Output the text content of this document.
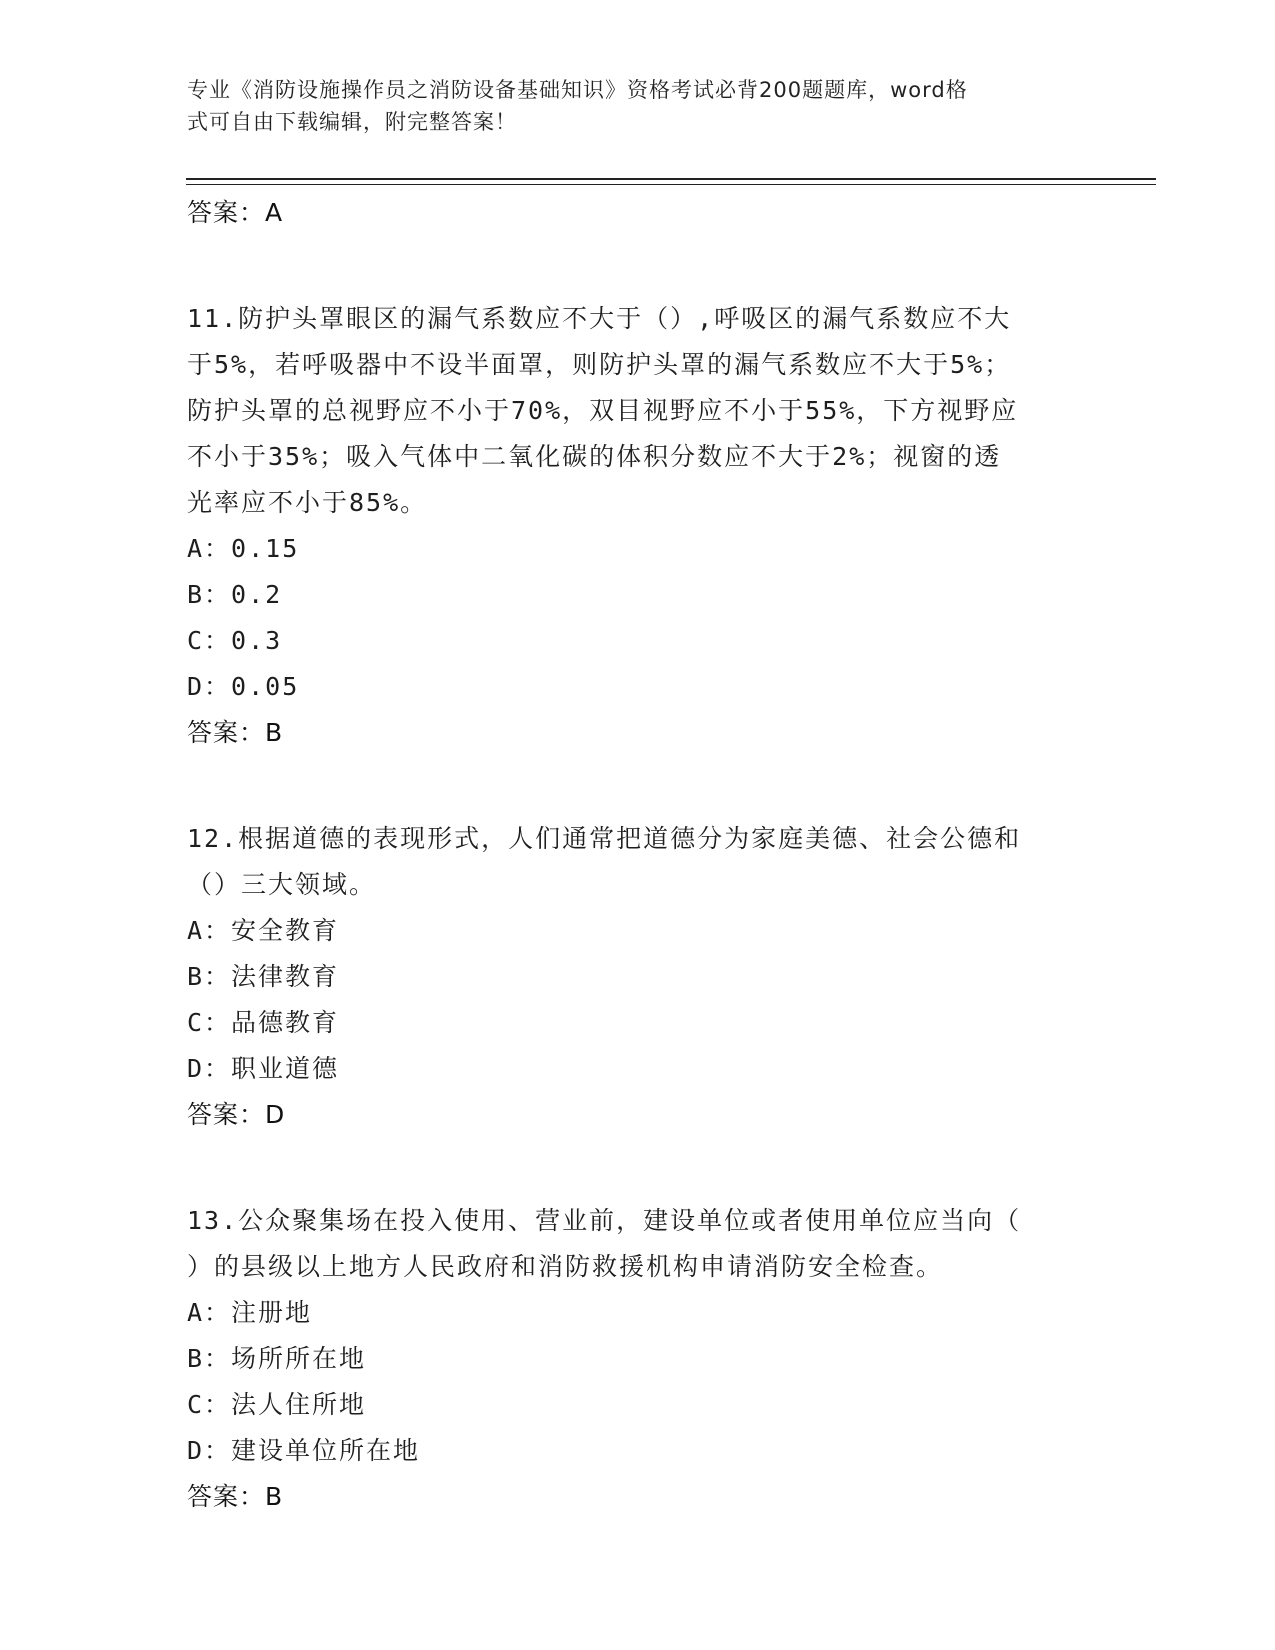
专业《消防设施操作员之消防设备基础知识》资格考试必背200题题库，word格
式可自由下载编辑，附完整答案！
答案：A
11.防护头罩眼区的漏气系数应不大于（）,呼吸区的漏气系数应不大
于5%，若呼吸器中不设半面罩，则防护头罩的漏气系数应不大于5%；
防护头罩的总视野应不小于70%，双目视野应不小于55%，下方视野应
不小于35%；吸入气体中二氧化碳的体积分数应不大于2%；视窗的透
光率应不小于85%。
A：0.15
B：0.2
C：0.3
D：0.05
答案：B
12.根据道德的表现形式，人们通常把道德分为家庭美德、社会公德和
（）三大领域。
A：安全教育
B：法律教育
C：品德教育
D：职业道德
答案：D
13.公众聚集场在投入使用、营业前，建设单位或者使用单位应当向（
）的县级以上地方人民政府和消防救援机构申请消防安全检查。
A：注册地
B：场所所在地
C：法人住所地
D：建设单位所在地
答案：B
